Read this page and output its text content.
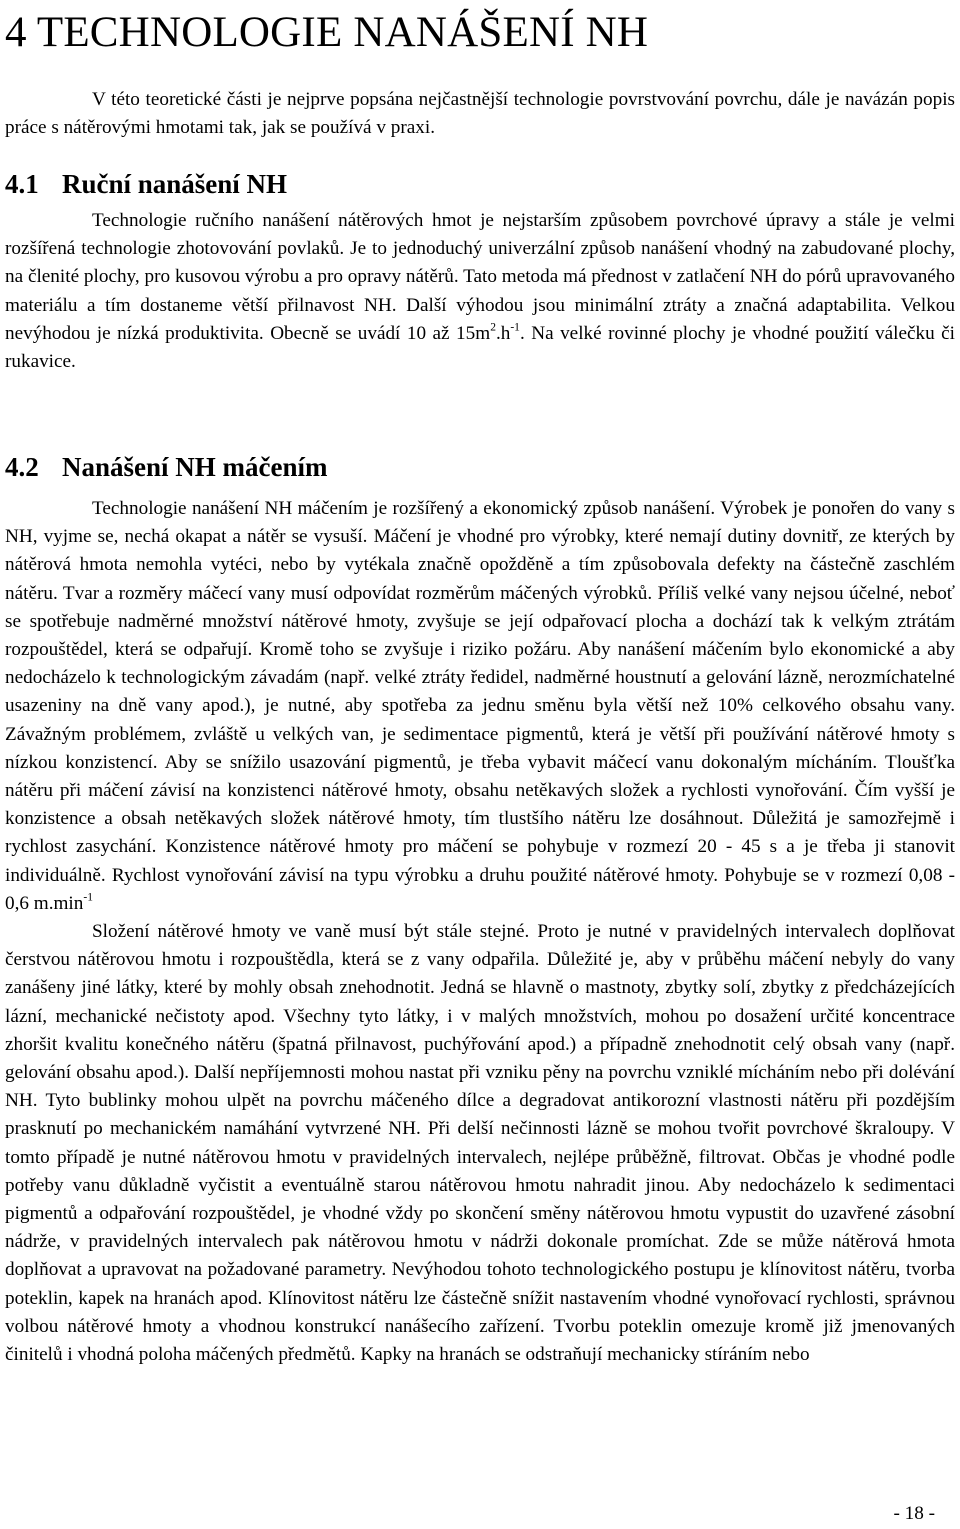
4 TECHNOLOGIE NANÁŠENÍ NH

V této teoretické části je nejprve popsána nejčastnější technologie povrstvování povrchu, dále je navázán popis práce s nátěrovými hmotami tak, jak se používá v praxi.

4.1 Ruční nanášení NH

Technologie ručního nanášení nátěrových hmot je nejstarším způsobem povrchové úpravy a stále je velmi rozšířená technologie zhotovování povlaků. Je to jednoduchý univerzální způsob nanášení vhodný na zabudované plochy, na členité plochy, pro kusovou výrobu a pro opravy nátěrů. Tato metoda má přednost v zatlačení NH do pórů upravovaného materiálu a tím dostaneme větší přilnavost NH. Další výhodou jsou minimální ztráty a značná adaptabilita. Velkou nevýhodou je nízká produktivita. Obecně se uvádí 10 až $15m^2.h^{-1}$. Na velké rovinné plochy je vhodné použití válečku či rukavice.

4.2 Nanášení NH máčením

Technologie nanášení NH máčením je rozšířený a ekonomický způsob nanášení. Výrobek je ponořen do vany s NH, vyjme se, nechá okapat a nátěr se vysuší. Máčení je vhodné pro výrobky, které nemají dutiny dovnitř, ze kterých by nátěrová hmota nemohla vytéci, nebo by vytékala značně opožděně a tím způsobovala defekty na částečně zaschlém nátěru. Tvar a rozměry máčecí vany musí odpovídat rozměrům máčených výrobků. Příliš velké vany nejsou účelné, neboť se spotřebuje nadměrné množství nátěrové hmoty, zvyšuje se její odpařovací plocha a dochází tak k velkým ztrátám rozpouštědel, která se odpařují. Kromě toho se zvyšuje i riziko požáru. Aby nanášení máčením bylo ekonomické a aby nedocházelo k technologickým závadám (např. velké ztráty ředidel, nadměrné houstnutí a gelování lázně, nerozmíchatelné usazeniny na dně vany apod.), je nutné, aby spotřeba za jednu směnu byla větší než 10% celkového obsahu vany. Závažným problémem, zvláště u velkých van, je sedimentace pigmentů, která je větší při používání nátěrové hmoty s nízkou konzistencí. Aby se snížilo usazování pigmentů, je třeba vybavit máčecí vanu dokonalým mícháním. Tloušťka nátěru při máčení závisí na konzistenci nátěrové hmoty, obsahu netěkavých složek a rychlosti vynořování. Čím vyšší je konzistence a obsah netěkavých složek nátěrové hmoty, tím tlustšího nátěru lze dosáhnout. Důležitá je samozřejmě i rychlost zasychání. Konzistence nátěrové hmoty pro máčení se pohybuje v rozmezí 20 - 45 s a je třeba ji stanovit individuálně. Rychlost vynořování závisí na typu výrobku a druhu použité nátěrové hmoty. Pohybuje se v rozmezí 0,08 - 0,6 $m.\min^{-1}$

Složení nátěrové hmoty ve vaně musí být stále stejné. Proto je nutné v pravidelných intervalech doplňovat čerstvou nátěrovou hmotu i rozpouštědla, která se z vany odpařila. Důležité je, aby v průběhu máčení nebyly do vany zanášeny jiné látky, které by mohly obsah znehodnotit. Jedná se hlavně o mastnoty, zbytky solí, zbytky z předcházejících lázní, mechanické nečistoty apod. Všechny tyto látky, i v malých množstvích, mohou po dosažení určité koncentrace zhoršit kvalitu konečného nátěru (špatná přilnavost, puchýřování apod.) a případně znehodnotit celý obsah vany (např. gelování obsahu apod.). Další nepříjemnosti mohou nastat při vzniku pěny na povrchu vzniklé mícháním nebo při dolévání NH. Tyto bublinky mohou ulpět na povrchu máčeného dílce a degradovat antikorozní vlastnosti nátěru při pozdějším prasknutí po mechanickém namáhání vytvrzené NH. Při delší nečinnosti lázně se mohou tvořit povrchové škraloupy. V tomto případě je nutné nátěrovou hmotu v pravidelných intervalech, nejlépe průběžně, filtrovat. Občas je vhodné podle potřeby vanu důkladně vyčistit a eventuálně starou nátěrovou hmotu nahradit jinou. Aby nedocházelo k sedimentaci pigmentů a odpařování rozpouštědel, je vhodné vždy po skončení směny nátěrovou hmotu vypustit do uzavřené zásobní nádrže, v pravidelných intervalech pak nátěrovou hmotu v nádrži dokonale promíchat. Zde se může nátěrová hmota doplňovat a upravovat na požadované parametry. Nevýhodou tohoto technologického postupu je klínovitost nátěru, tvorba poteklin, kapek na hranách apod. Klínovitost nátěru lze částečně snížit nastavením vhodné vynořovací rychlosti, správnou volbou nátěrové hmoty a vhodnou konstrukcí nanášecího zařízení. Tvorbu poteklin omezuje kromě již jmenovaných činitelů i vhodná poloha máčených předmětů. Kapky na hranách se odstraňují mechanicky stíráním nebo

- 18 -
